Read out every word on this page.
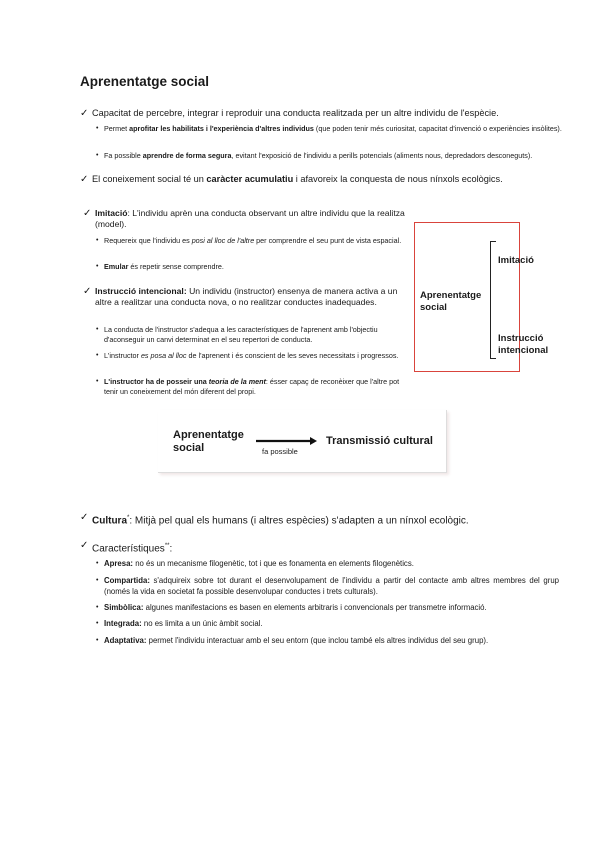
Aprenentatge social
✓ Capacitat de percebre, integrar i reproduir una conducta realitzada per un altre individu de l'espècie.
• Permet aprofitar les habilitats i l'experiència d'altres individus (que poden tenir més curiositat, capacitat d'invenció o experiències insòlites).
• Fa possible aprendre de forma segura, evitant l'exposició de l'individu a perills potencials (aliments nous, depredadors desconeguts).
✓ El coneixement social té un caràcter acumulatiu i afavoreix la conquesta de nous nínxols ecològics.
✓ Imitació: L'individu aprèn una conducta observant un altre individu que la realitza (model).
• Requereix que l'individu es posi al lloc de l'altre per comprendre el seu punt de vista espacial.
• Emular és repetir sense comprendre.
✓ Instrucció intencional: Un individu (instructor) ensenya de manera activa a un altre a realitzar una conducta nova, o no realitzar conductes inadequades.
• La conducta de l'instructor s'adequa a les característiques de l'aprenent amb l'objectiu d'aconseguir un canvi determinat en el seu repertori de conducta.
• L'instructor es posa al lloc de l'aprenent i és conscient de les seves necessitats i progressos.
• L'instructor ha de posseir una teoria de la ment: ésser capaç de reconèixer que l'altre pot tenir un coneixement del món diferent del propi.
Aprenentatge social
Imitació
Instrucció intencional
Aprenentatge social	fa possible
Transmissió cultural
✓ Cultura*: Mitjà pel qual els humans (i altres espècies) s'adapten a un nínxol ecològic.
✓ Característiques**:
• Apresa: no és un mecanisme filogenètic, tot i que es fonamenta en elements filogenètics.
• Compartida: s'adquireix sobre tot durant el desenvolupament de l'individu a partir del contacte amb altres membres del grup (només la vida en societat fa possible desenvolupar conductes i trets culturals).
• Simbòlica: algunes manifestacions es basen en elements arbitraris i convencionals per transmetre informació.
• Integrada: no es limita a un únic àmbit social.
• Adaptativa: permet l'individu interactuar amb el seu entorn (que inclou també els altres individus del seu grup).
